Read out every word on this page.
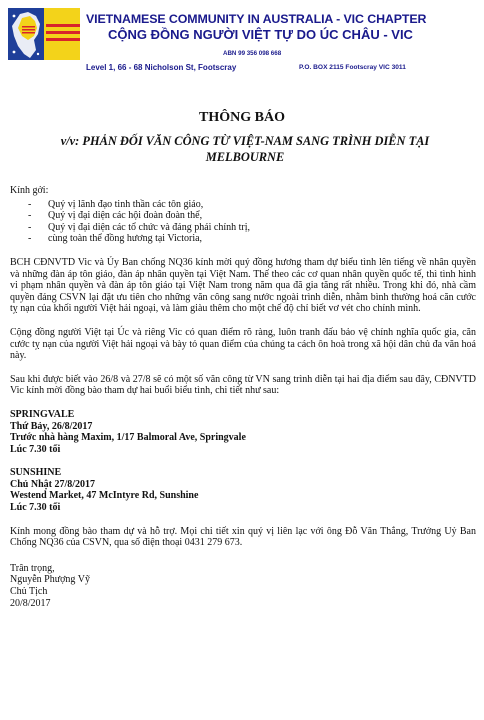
VIETNAMESE COMMUNITY IN AUSTRALIA - VIC CHAPTER
CỘNG ĐỒNG NGƯỜI VIỆT TỰ DO ÚC CHÂU - VIC
ABN 99 356 098 668
Level 1, 66 - 68 Nicholson St, Footscray	P.O. BOX 2115 Footscray VIC 3011
THÔNG BÁO
v/v: PHẢN ĐỐI VĂN CÔNG TỪ VIỆT-NAM SANG TRÌNH DIỄN TẠI MELBOURNE

Kính gởi:

- Quý vị lãnh đạo tinh thần các tôn giáo,
- Quý vị đại diện các hội đoàn đoàn thể,
- Quý vị đại diện các tổ chức và đảng phái chính trị,
- cùng toàn thể đồng hương tại Victoria,

BCH CĐNVTD Vic và Ủy Ban chống NQ36 kính mời quý đồng hương tham dự biểu tình lên tiếng về nhân quyền và những đàn áp tôn giáo, đàn áp nhân quyền tại Việt Nam. Thế theo các cơ quan nhân quyền quốc tế, thì tình hình vi phạm nhân quyền và đàn áp tôn giáo tại Việt Nam trong năm qua đã gia tăng rất nhiều. Trong khi đó, nhà cầm quyền đảng CSVN lại đặt ưu tiên cho những văn công sang nước ngoài trình diễn, nhằm bình thường hoá căn cước tỵ nạn của khối người Việt hải ngoại, và làm giàu thêm cho một chế độ chỉ biết vơ vét cho chính mình.

Cộng đồng người Việt tại Úc và riêng Vic có quan điểm rõ ràng, luôn tranh đấu bảo vệ chính nghĩa quốc gia, căn cước tỵ nạn của người Việt hải ngoại và bày tỏ quan điểm của chúng ta cách ôn hoà trong xã hội dân chủ đa văn hoá này.

Sau khi được biết vào 26/8 và 27/8 sẽ có một số văn công từ VN sang trình diễn tại hai địa điểm sau đây, CĐNVTD Vic kính mời đồng bào tham dự hai buổi biểu tình, chi tiết như sau:

SPRINGVALE
Thứ Bảy, 26/8/2017
Trước nhà hàng Maxim, 1/17 Balmoral Ave, Springvale
Lúc 7.30 tối
SUNSHINE
Chủ Nhật 27/8/2017
Westend Market, 47 McIntyre Rd, Sunshine
Lúc 7.30 tối

Kính mong đồng bào tham dự và hỗ trợ. Mọi chi tiết xin quý vị liên lạc với ông Đỗ Văn Thắng, Trưởng Uỷ Ban Chống NQ36 của CSVN, qua số điện thoại 0431 279 673.

Trân trọng,
Nguyễn Phượng Vỹ
Chủ Tịch
20/8/2017
